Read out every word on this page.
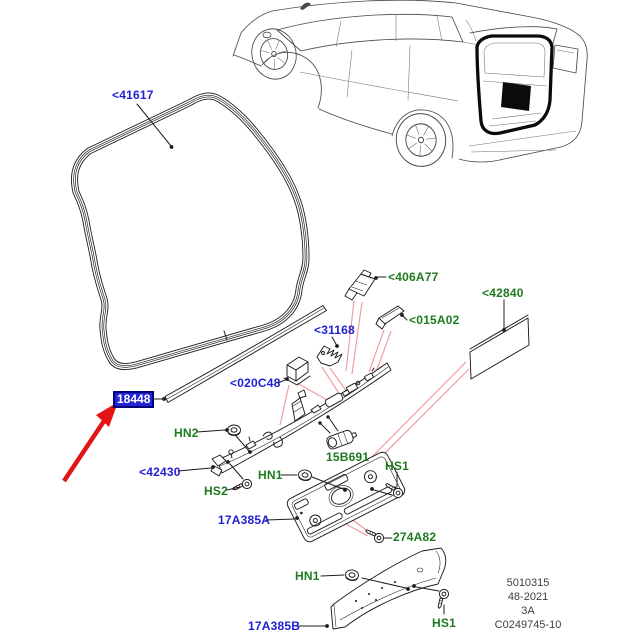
<41617
<406A77
<015A02
<42840
<31168
<020C48
18448
HN2
15B691
<42430	HN1
HS2
HS1
17A385A
274A82
HN1
HS1
17A385B
5010315
48-2021
3A
C0249745-10
